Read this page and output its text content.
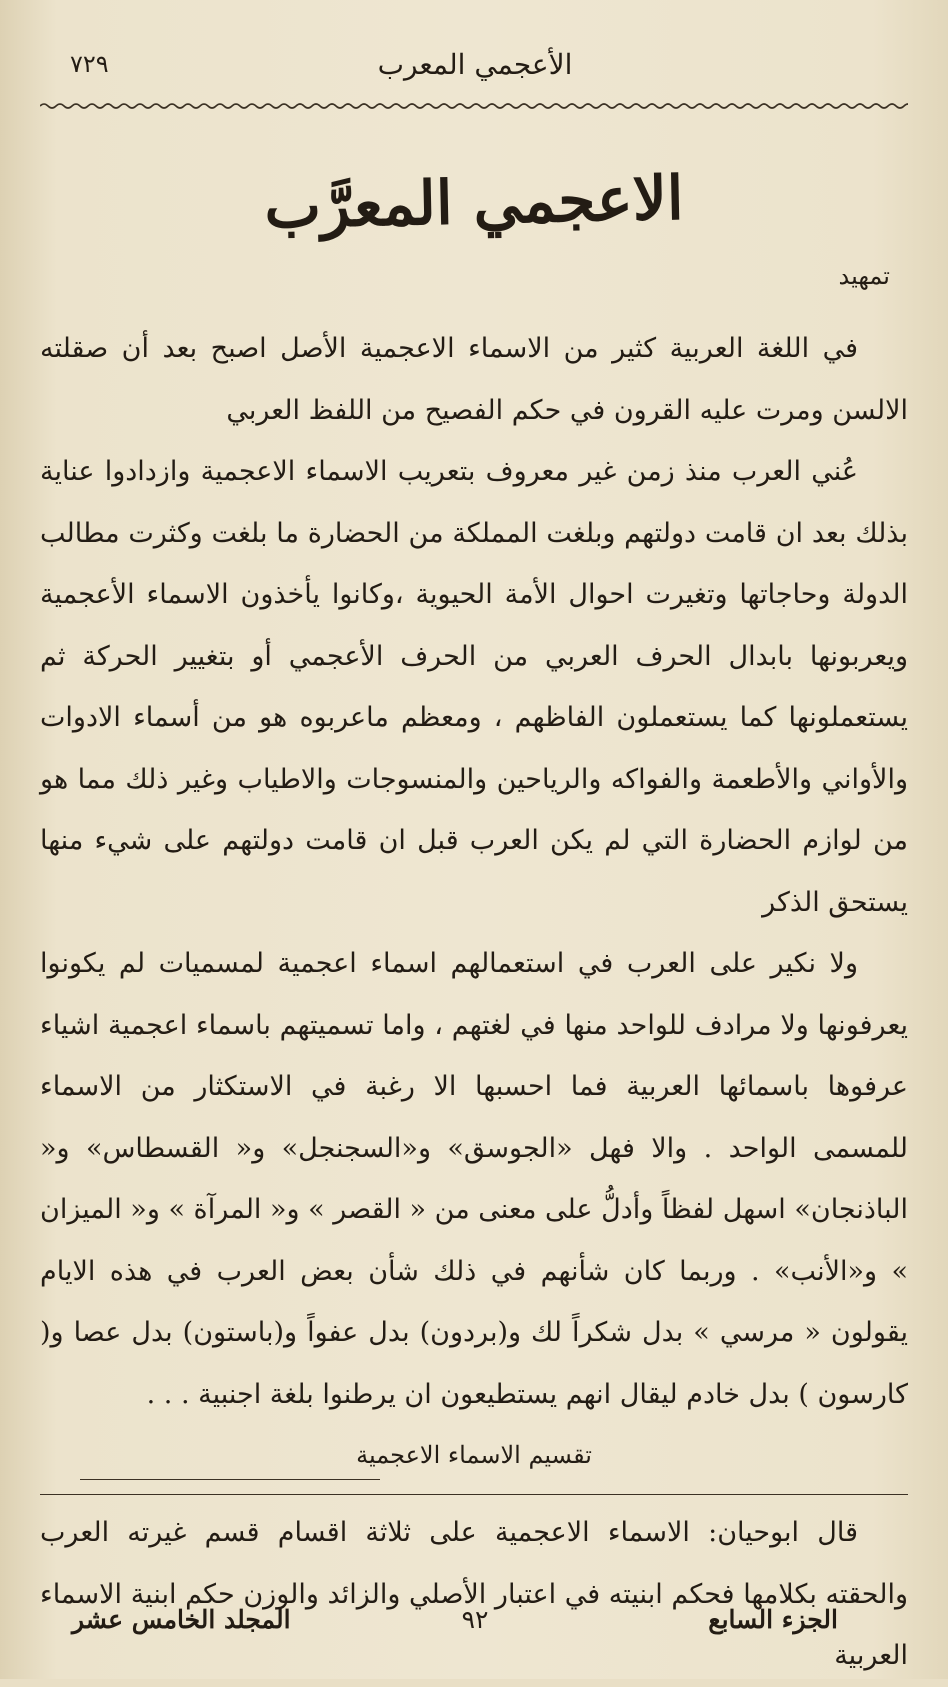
الأعجمي المعرب
٧٢٩
الاعجمي المعرَّب
تمهيد

في اللغة العربية كثير من الاسماء الاعجمية الأصل اصبح بعد أن صقلته الالسن ومرت عليه القرون في حكم الفصيح من اللفظ العربي

عُني العرب منذ زمن غير معروف بتعريب الاسماء الاعجمية وازدادوا عناية بذلك بعد ان قامت دولتهم وبلغت المملكة من الحضارة ما بلغت وكثرت مطالب الدولة وحاجاتها وتغيرت احوال الأمة الحيوية ،وكانوا يأخذون الاسماء الأعجمية ويعربونها بابدال الحرف العربي من الحرف الأعجمي أو بتغيير الحركة ثم يستعملونها كما يستعملون الفاظهم ، ومعظم ماعربوه هو من أسماء الادوات والأواني والأطعمة والفواكه والرياحين والمنسوجات والاطياب وغير ذلك مما هو من لوازم الحضارة التي لم يكن العرب قبل ان قامت دولتهم على شيء منها يستحق الذكر

ولا نكير على العرب في استعمالهم اسماء اعجمية لمسميات لم يكونوا يعرفونها ولا مرادف للواحد منها في لغتهم ، واما تسميتهم باسماء اعجمية اشياء عرفوها باسمائها العربية فما احسبها الا رغبة في الاستكثار من الاسماء للمسمى الواحد . والا فهل «الجوسق» و«السجنجل» و« القسطاس» و« الباذنجان» اسهل لفظاً وأدلُّ على معنى من « القصر » و« المرآة » و« الميزان » و«الأنب» . وربما كان شأنهم في ذلك شأن بعض العرب في هذه الايام يقولون « مرسي » بدل شكراً لك و(بردون) بدل عفواً و(باستون) بدل عصا و( كارسون ) بدل خادم ليقال انهم يستطيعون ان يرطنوا بلغة اجنبية . . .

تقسيم الاسماء الاعجمية

قال ابوحيان: الاسماء الاعجمية على ثلاثة اقسام قسم غيرته العرب والحقته بكلامها فحكم ابنيته في اعتبار الأصلي والزائد والوزن حكم ابنية الاسماء العربية

الجزء السابع
٩٢
المجلد الخامس عشر
